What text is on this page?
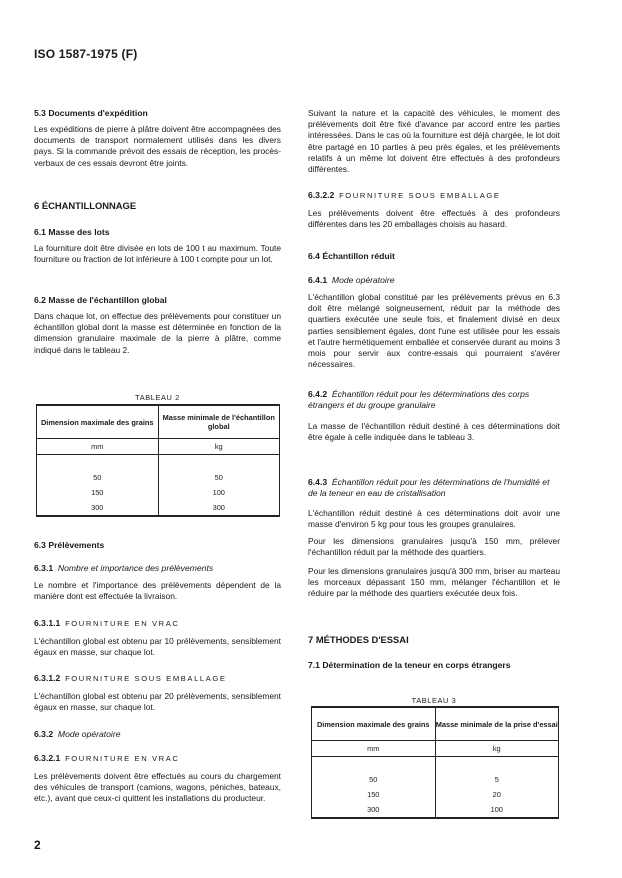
ISO 1587-1975 (F)
5.3 Documents d'expédition

Les expéditions de pierre à plâtre doivent être accompagnées des documents de transport normalement utilisés dans les divers pays. Si la commande prévoit des essais de réception, les procès-verbaux de ces essais devront être joints.

6 ÉCHANTILLONNAGE
6.1 Masse des lots

La fourniture doit être divisée en lots de 100 t au maximum. Toute fourniture ou fraction de lot inférieure à 100 t compte pour un lot.

6.2 Masse de l'échantillon global

Dans chaque lot, on effectue des prélèvements pour constituer un échantillon global dont la masse est déterminée en fonction de la dimension granulaire maximale de la pierre à plâtre, comme indiqué dans le tableau 2.

TABLEAU 2
Dimension maximale des grains	Masse minimale de l'échantillon global
mm	kg

50	50
150	100
300	300
6.3 Prélèvements
6.3.1 Nombre et importance des prélèvements

Le nombre et l'importance des prélèvements dépendent de la manière dont est effectuée la livraison.

6.3.1.1 FOURNITURE EN VRAC

L'échantillon global est obtenu par 10 prélèvements, sensiblement égaux en masse, sur chaque lot.

6.3.1.2 FOURNITURE SOUS EMBALLAGE

L'échantillon global est obtenu par 20 prélèvements, sensiblement égaux en masse, sur chaque lot.

6.3.2 Mode opératoire
6.3.2.1 FOURNITURE EN VRAC

Les prélèvements doivent être effectués au cours du chargement des véhicules de transport (camions, wagons, péniches, bateaux, etc.), avant que ceux-ci quittent les installations du producteur.

2

Suivant la nature et la capacité des véhicules, le moment des prélèvements doit être fixé d'avance par accord entre les parties intéressées. Dans le cas où la fourniture est déjà chargée, le lot doit être partagé en 10 parties à peu près égales, et les prélèvements relatifs à un même lot doivent être effectués à des profondeurs différentes.

6.3.2.2 FOURNITURE SOUS EMBALLAGE

Les prélèvements doivent être effectués à des profondeurs différentes dans les 20 emballages choisis au hasard.

6.4 Échantillon réduit
6.4.1 Mode opératoire

L'échantillon global constitué par les prélèvements prévus en 6.3 doit être mélangé soigneusement, réduit par la méthode des quartiers exécutée une seule fois, et finalement divisé en deux parties sensiblement égales, dont l'une est utilisée pour les essais et l'autre hermétiquement emballée et conservée durant au moins 3 mois pour servir aux contre-essais qui pourraient s'avérer nécessaires.

6.4.2 Échantillon réduit pour les déterminations des corps étrangers et du groupe granulaire

La masse de l'échantillon réduit destiné à ces déterminations doit être égale à celle indiquée dans le tableau 3.

6.4.3 Échantillon réduit pour les déterminations de l'humidité et de la teneur en eau de cristallisation

L'échantillon réduit destiné à ces déterminations doit avoir une masse d'environ 5 kg pour tous les groupes granulaires.

Pour les dimensions granulaires jusqu'à 150 mm, prélever l'échantillon réduit par la méthode des quartiers.

Pour les dimensions granulaires jusqu'à 300 mm, briser au marteau les morceaux dépassant 150 mm, mélanger l'échantillon et le réduire par la méthode des quartiers exécutée deux fois.

7 MÉTHODES D'ESSAI
7.1 Détermination de la teneur en corps étrangers
TABLEAU 3
Dimension maximale des grains	Masse minimale de la prise d'essai
mm	kg

50	5
150	20
300	100
